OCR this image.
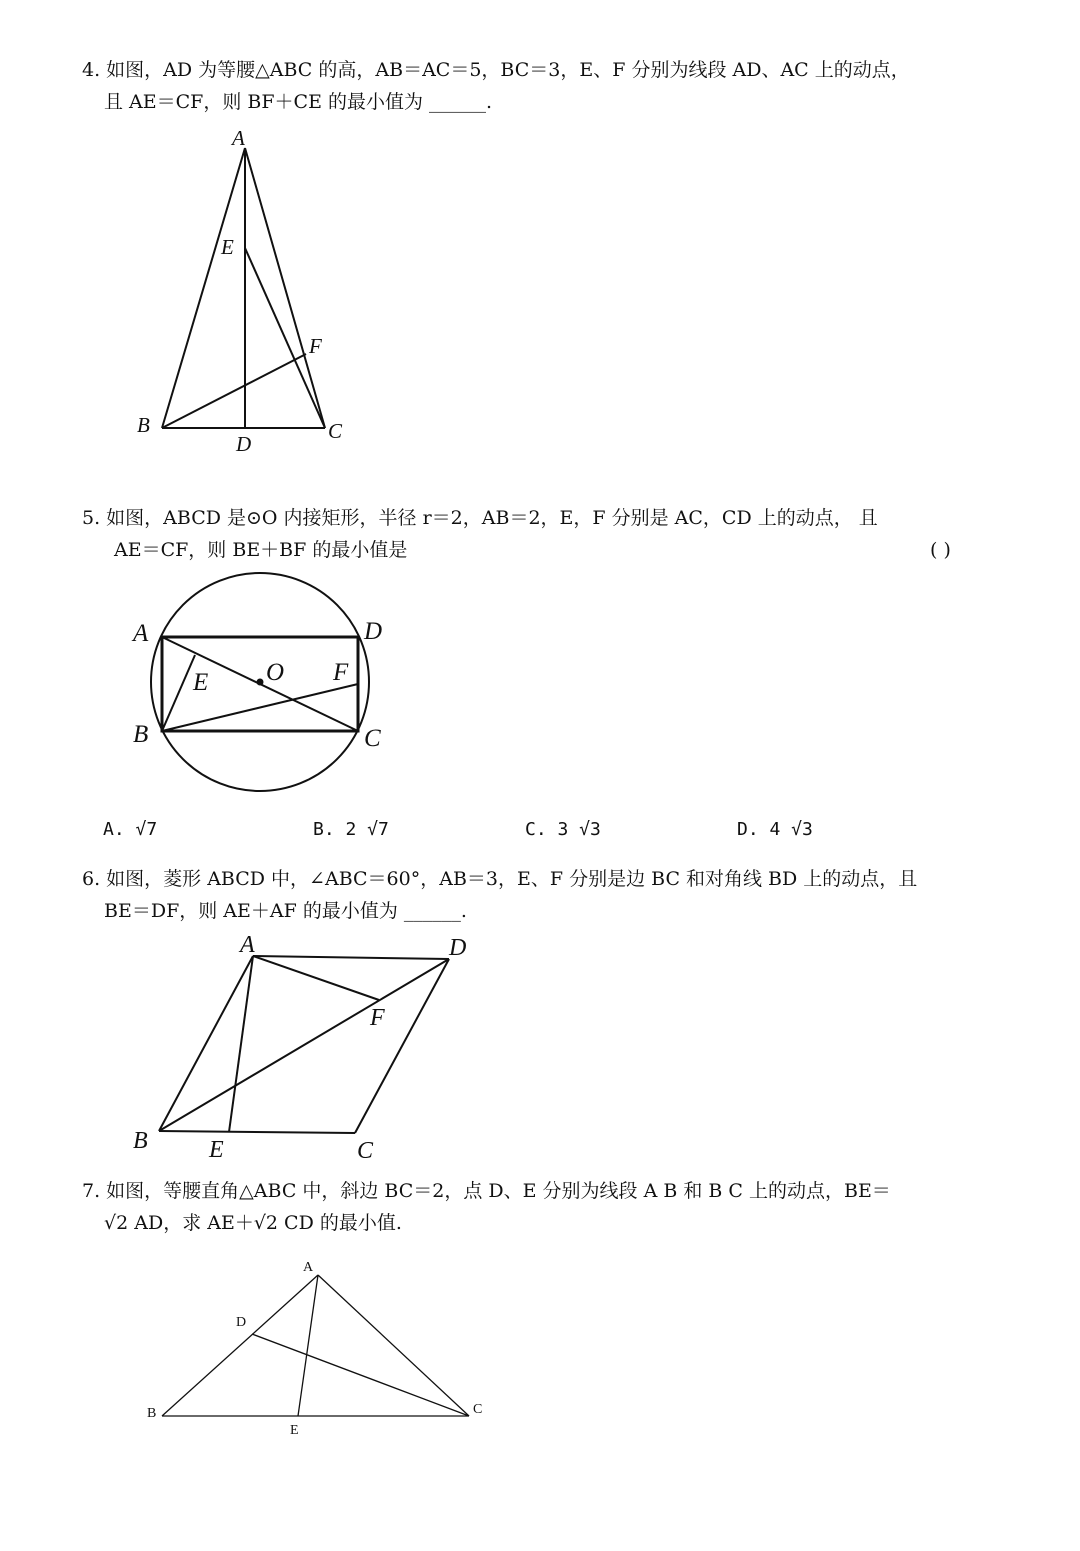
4. 如图，AD 为等腰△ABC 的高，AB＝AC＝5，BC＝3，E、F 分别为线段 AD、AC 上的动点，
且 AE＝CF，则 BF＋CE 的最小值为 ______.
A
E
F
B
D
C
5. 如图，ABCD 是⊙O 内接矩形，半径 r＝2，AB＝2，E，F 分别是 AC，CD 上的动点， 且
AE＝CF，则 BE＋BF 的最小值是	( )
A	D
E O F
B	C
A. √7	B. 2 √7	C. 3 √3	D. 4 √3
6. 如图，菱形 ABCD 中，∠ABC＝60°，AB＝3，E、F 分别是边 BC 和对角线 BD 上的动点，且
BE＝DF，则 AE＋AF 的最小值为 ______.
A	D
F
B	E	C
7. 如图，等腰直角△ABC 中，斜边 BC＝2，点 D、E 分别为线段 A B 和 B C 上的动点，BE＝
√2 AD，求 AE＋√2 CD 的最小值.
A
D
B
E
C
